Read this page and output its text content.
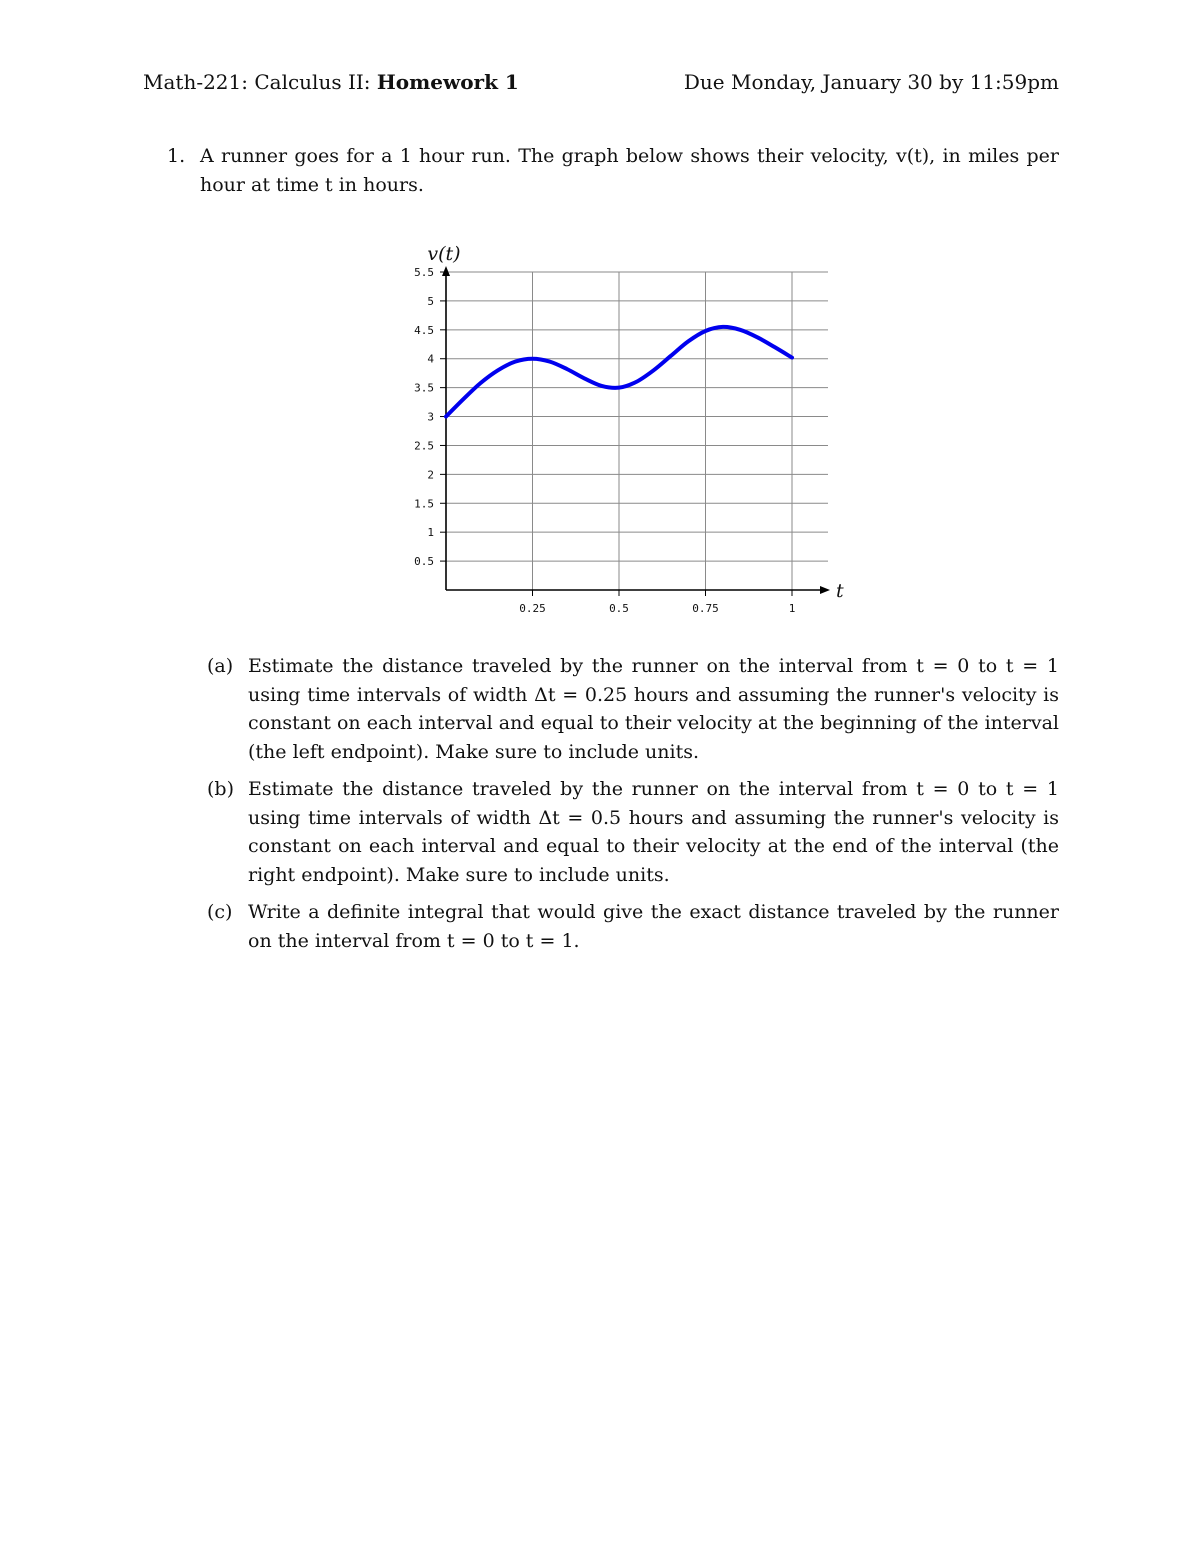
Math-221: Calculus II: Homework 1	Due Monday, January 30 by 11:59pm
1. A runner goes for a 1 hour run. The graph below shows their velocity, v(t), in miles per hour at time t in hours.
0.5
1
1.5
2
2.5
3
3.5
4
4.5
5
5.5
0.25	0.5	0.75	1
t
v(t)
(a) Estimate the distance traveled by the runner on the interval from t = 0 to t = 1 using time intervals of width Δt = 0.25 hours and assuming the runner's velocity is constant on each interval and equal to their velocity at the beginning of the interval (the left endpoint). Make sure to include units.
(b) Estimate the distance traveled by the runner on the interval from t = 0 to t = 1 using time intervals of width Δt = 0.5 hours and assuming the runner's velocity is constant on each interval and equal to their velocity at the end of the interval (the right endpoint). Make sure to include units.
(c) Write a definite integral that would give the exact distance traveled by the runner on the interval from t = 0 to t = 1.
